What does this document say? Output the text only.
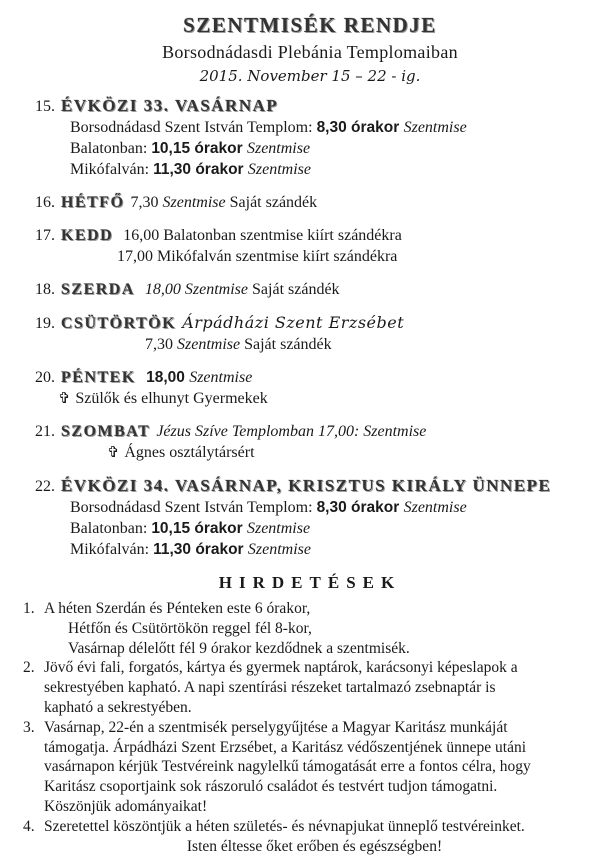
SZENTMISÉK RENDJE
Borsodnádasdi Plebánia Templomaiban
2015. November 15 – 22 - ig.
15. ÉVKÖZI 33. VASÁRNAP
Borsodnádasd Szent István Templom: 8,30 órakor Szentmise
Balatonban: 10,15 órakor Szentmise
Mikófalván: 11,30 órakor Szentmise
16. HÉTFŐ 7,30 Szentmise Saját szándék
17. KEDD 16,00 Balatonban szentmise kiírt szándékra
17,00 Mikófalván szentmise kiírt szándékra
18. SZERDA 18,00 Szentmise Saját szándék
19. CSÜTÖRTÖK Árpádházi Szent Erzsébet
7,30 Szentmise Saját szándék
20. PÉNTEK 18,00 Szentmise
✞ Szülők és elhunyt Gyermekek
21. SZOMBAT Jézus Szíve Templomban 17,00: Szentmise
✞ Ágnes osztálytársért
22. ÉVKÖZI 34. VASÁRNAP, KRISZTUS KIRÁLY ÜNNEPE
Borsodnádasd Szent István Templom: 8,30 órakor Szentmise
Balatonban: 10,15 órakor Szentmise
Mikófalván: 11,30 órakor Szentmise
HIRDETÉSEK
1. A héten Szerdán és Pénteken este 6 órakor,
Hétfőn és Csütörtökön reggel fél 8-kor,
Vasárnap délelőtt fél 9 órakor kezdődnek a szentmisék.
2. Jövő évi fali, forgatós, kártya és gyermek naptárok, karácsonyi képeslapok a
sekrestyében kapható. A napi szentírási részeket tartalmazó zsebnaptár is
kapható a sekrestyében.
3. Vasárnap, 22-én a szentmisék perselygyűjtése a Magyar Karitász munkáját
támogatja. Árpádházi Szent Erzsébet, a Karitász védőszentjének ünnepe utáni
vasárnapon kérjük Testvéreink nagylelkű támogatását erre a fontos célra, hogy
Karitász csoportjaink sok rászoruló családot és testvért tudjon támogatni.
Köszönjük adományaikat!
4. Szeretettel köszöntjük a héten születés- és névnapjukat ünneplő testvéreinket.
Isten éltesse őket erőben és egészségben!
